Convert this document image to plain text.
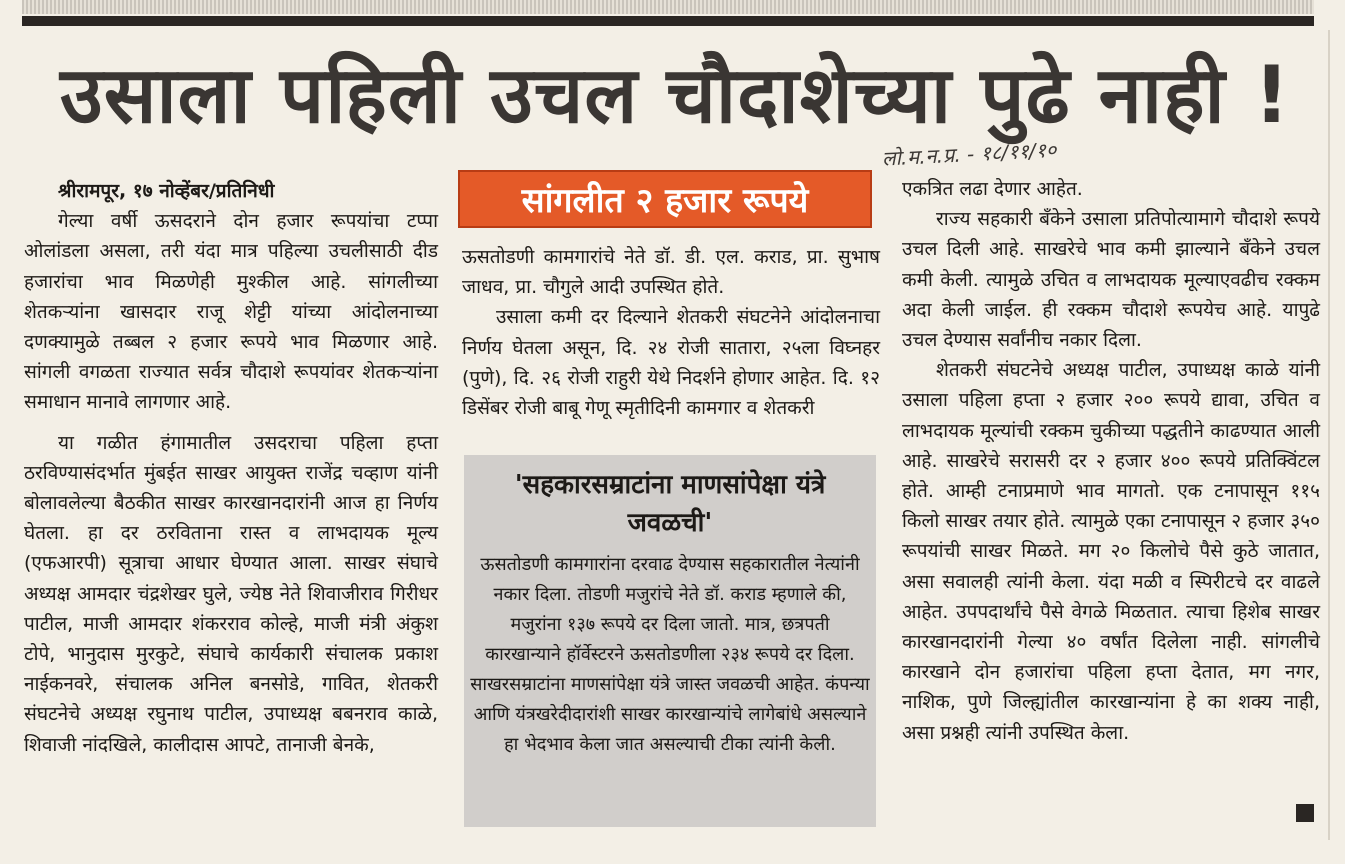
उसाला पहिली उचल चौदाशेच्या पुढे नाही !
लो.म.न.प्र. - १८/११/१०
श्रीरामपूर, १७ नोव्हेंबर/प्रतिनिधी

गेल्या वर्षी ऊसदराने दोन हजार रूपयांचा टप्पा ओलांडला असला, तरी यंदा मात्र पहिल्या उचलीसाठी दीड हजारांचा भाव मिळणेही मुश्कील आहे. सांगलीच्या शेतकऱ्यांना खासदार राजू शेट्टी यांच्या आंदोलनाच्या दणक्यामुळे तब्बल २ हजार रूपये भाव मिळणार आहे. सांगली वगळता राज्यात सर्वत्र चौदाशे रूपयांवर शेतकऱ्यांना समाधान मानावे लागणार आहे.

या गळीत हंगामातील उसदराचा पहिला हप्ता ठरविण्यासंदर्भात मुंबईत साखर आयुक्त राजेंद्र चव्हाण यांनी बोलावलेल्या बैठकीत साखर कारखानदारांनी आज हा निर्णय घेतला. हा दर ठरविताना रास्त व लाभदायक मूल्य (एफआरपी) सूत्राचा आधार घेण्यात आला. साखर संघाचे अध्यक्ष आमदार चंद्रशेखर घुले, ज्येष्ठ नेते शिवाजीराव गिरीधर पाटील, माजी आमदार शंकरराव कोल्हे, माजी मंत्री अंकुश टोपे, भानुदास मुरकुटे, संघाचे कार्यकारी संचालक प्रकाश नाईकनवरे, संचालक अनिल बनसोडे, गावित, शेतकरी संघटनेचे अध्यक्ष रघुनाथ पाटील, उपाध्यक्ष बबनराव काळे, शिवाजी नांदखिले, कालीदास आपटे, तानाजी बेनके,

सांगलीत २ हजार रूपये

ऊसतोडणी कामगारांचे नेते डॉ. डी. एल. कराड, प्रा. सुभाष जाधव, प्रा. चौगुले आदी उपस्थित होते.

उसाला कमी दर दिल्याने शेतकरी संघटनेने आंदोलनाचा निर्णय घेतला असून, दि. २४ रोजी सातारा, २५ला विघ्नहर (पुणे), दि. २६ रोजी राहुरी येथे निदर्शने होणार आहेत. दि. १२ डिसेंबर रोजी बाबू गेणू स्मृतीदिनी कामगार व शेतकरी

'सहकारसम्राटांना माणसांपेक्षा यंत्रे जवळची'
ऊसतोडणी कामगारांना दरवाढ देण्यास सहकारातील नेत्यांनी नकार दिला. तोडणी मजुरांचे नेते डॉ. कराड म्हणाले की, मजुरांना १३७ रूपये दर दिला जातो. मात्र, छत्रपती कारखान्याने हॉर्वेस्टरने ऊसतोडणीला २३४ रूपये दर दिला. साखरसम्राटांना माणसांपेक्षा यंत्रे जास्त जवळची आहेत. कंपन्या आणि यंत्रखरेदीदारांशी साखर कारखान्यांचे लागेबांधे असल्याने हा भेदभाव केला जात असल्याची टीका त्यांनी केली.

एकत्रित लढा देणार आहेत.

राज्य सहकारी बँकेने उसाला प्रतिपोत्यामागे चौदाशे रूपये उचल दिली आहे. साखरेचे भाव कमी झाल्याने बँकेने उचल कमी केली. त्यामुळे उचित व लाभदायक मूल्याएवढीच रक्कम अदा केली जाईल. ही रक्कम चौदाशे रूपयेच आहे. यापुढे उचल देण्यास सर्वांनीच नकार दिला.

शेतकरी संघटनेचे अध्यक्ष पाटील, उपाध्यक्ष काळे यांनी उसाला पहिला हप्ता २ हजार २०० रूपये द्यावा, उचित व लाभदायक मूल्यांची रक्कम चुकीच्या पद्धतीने काढण्यात आली आहे. साखरेचे सरासरी दर २ हजार ४०० रूपये प्रतिक्विंटल होते. आम्ही टनाप्रमाणे भाव मागतो. एक टनापासून ११५ किलो साखर तयार होते. त्यामुळे एका टनापासून २ हजार ३५० रूपयांची साखर मिळते. मग २० किलोचे पैसे कुठे जातात, असा सवालही त्यांनी केला. यंदा मळी व स्पिरीटचे दर वाढले आहेत. उपपदार्थांचे पैसे वेगळे मिळतात. त्याचा हिशेब साखर कारखानदारांनी गेल्या ४० वर्षांत दिलेला नाही. सांगलीचे कारखाने दोन हजारांचा पहिला हप्ता देतात, मग नगर, नाशिक, पुणे जिल्ह्यांतील कारखान्यांना हे का शक्य नाही, असा प्रश्नही त्यांनी उपस्थित केला.
